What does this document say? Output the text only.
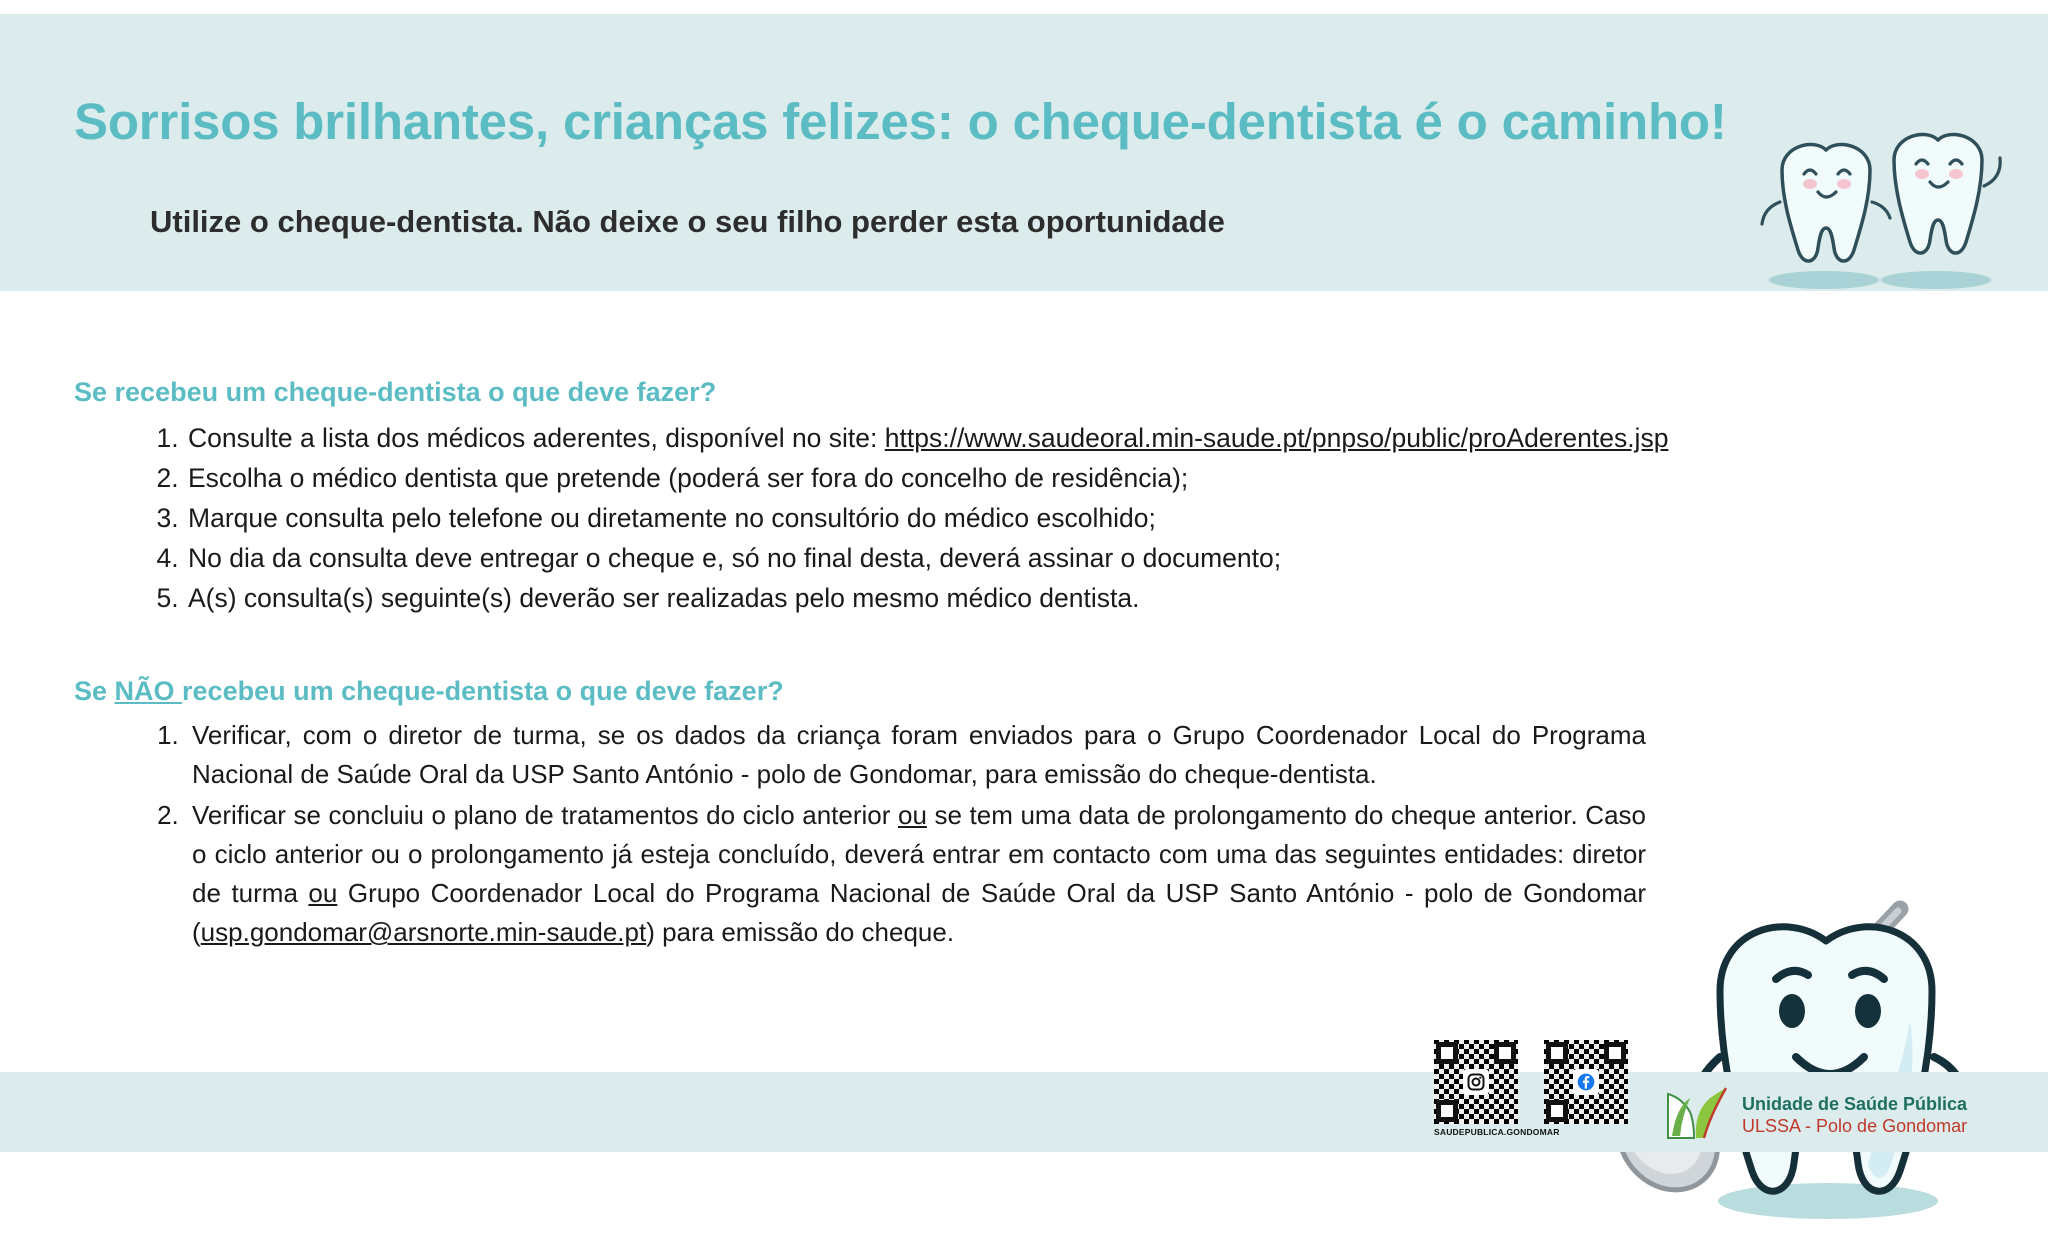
Sorrisos brilhantes, crianças felizes: o cheque-dentista é o caminho!
Utilize o cheque-dentista. Não deixe o seu filho perder esta oportunidade
Se recebeu um cheque-dentista o que deve fazer?
1. Consulte a lista dos médicos aderentes, disponível no site: https://www.saudeoral.min-saude.pt/pnpso/public/proAderentes.jsp
2. Escolha o médico dentista que pretende (poderá ser fora do concelho de residência);
3. Marque consulta pelo telefone ou diretamente no consultório do médico escolhido;
4. No dia da consulta deve entregar o cheque e, só no final desta, deverá assinar o documento;
5. A(s) consulta(s) seguinte(s) deverão ser realizadas pelo mesmo médico dentista.
Se NÃO recebeu um cheque-dentista o que deve fazer?
1. Verificar, com o diretor de turma, se os dados da criança foram enviados para o Grupo Coordenador Local do Programa Nacional de Saúde Oral da USP Santo António - polo de Gondomar, para emissão do cheque-dentista.
2. Verificar se concluiu o plano de tratamentos do ciclo anterior ou se tem uma data de prolongamento do cheque anterior. Caso o ciclo anterior ou o prolongamento já esteja concluído, deverá entrar em contacto com uma das seguintes entidades: diretor de turma ou Grupo Coordenador Local do Programa Nacional de Saúde Oral da USP Santo António - polo de Gondomar (usp.gondomar@arsnorte.min-saude.pt) para emissão do cheque.
SAUDEPUBLICA.GONDOMAR
Unidade de Saúde Pública
ULSSA - Polo de Gondomar
